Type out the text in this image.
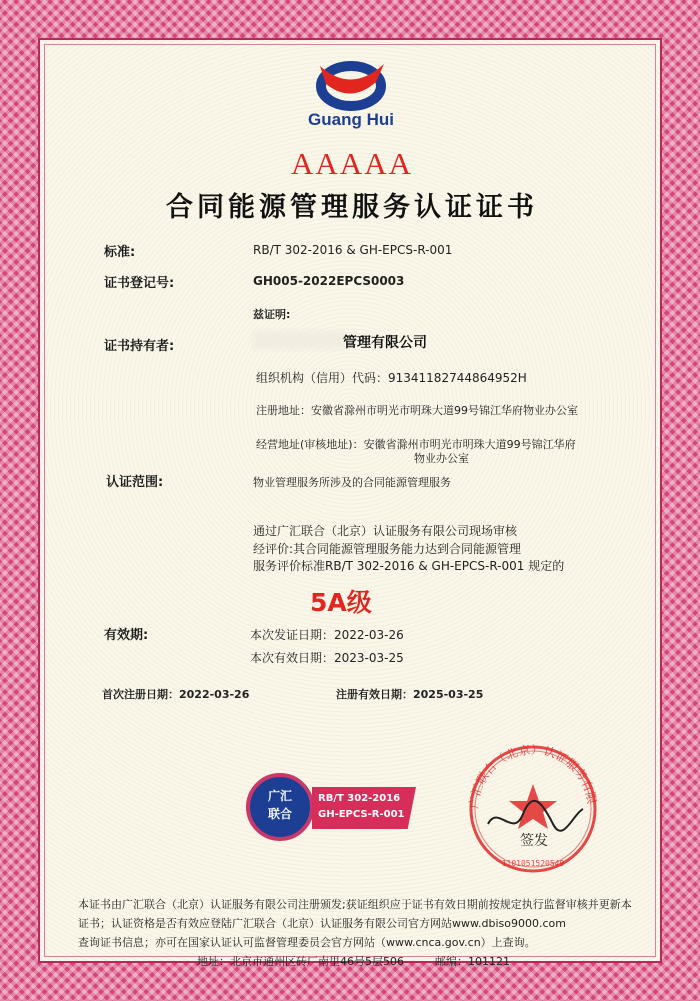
Guang Hui
AAAAA
合同能源管理服务认证证书
标准:	RB/T 302-2016 & GH-EPCS-R-001
证书登记号:	GH005-2022EPCS0003
兹证明:
证书持有者:	管理有限公司
组织机构（信用）代码：91341182744864952H
注册地址：安徽省滁州市明光市明珠大道99号锦江华府物业办公室
经营地址(审核地址)：安徽省滁州市明光市明珠大道99号锦江华府
物业办公室
认证范围:	物业管理服务所涉及的合同能源管理服务
通过广汇联合（北京）认证服务有限公司现场审核
经评价:其合同能源管理服务能力达到合同能源管理
服务评价标准RB/T 302-2016 & GH-EPCS-R-001 规定的
5A级
有效期:	本次发证日期：2022-03-26
本次有效日期：2023-03-25
首次注册日期：2022-03-26	注册有效日期：2025-03-25
广汇
联合
RB/T 302-2016
GH-EPCS-R-001
广汇联合（北京）认证服务有限
1101051520549
签发
本证书由广汇联合（北京）认证服务有限公司注册颁发;获证组织应于证书有效日期前按规定执行监督审核并更新本
证书；认证资格是否有效应登陆广汇联合（北京）认证服务有限公司官方网站www.dbiso9000.com
查询证书信息；亦可在国家认证认可监督管理委员会官方网站（www.cnca.gov.cn）上查询。
地址：北京市通州区砖厂南里46号5层506	邮编：101121
